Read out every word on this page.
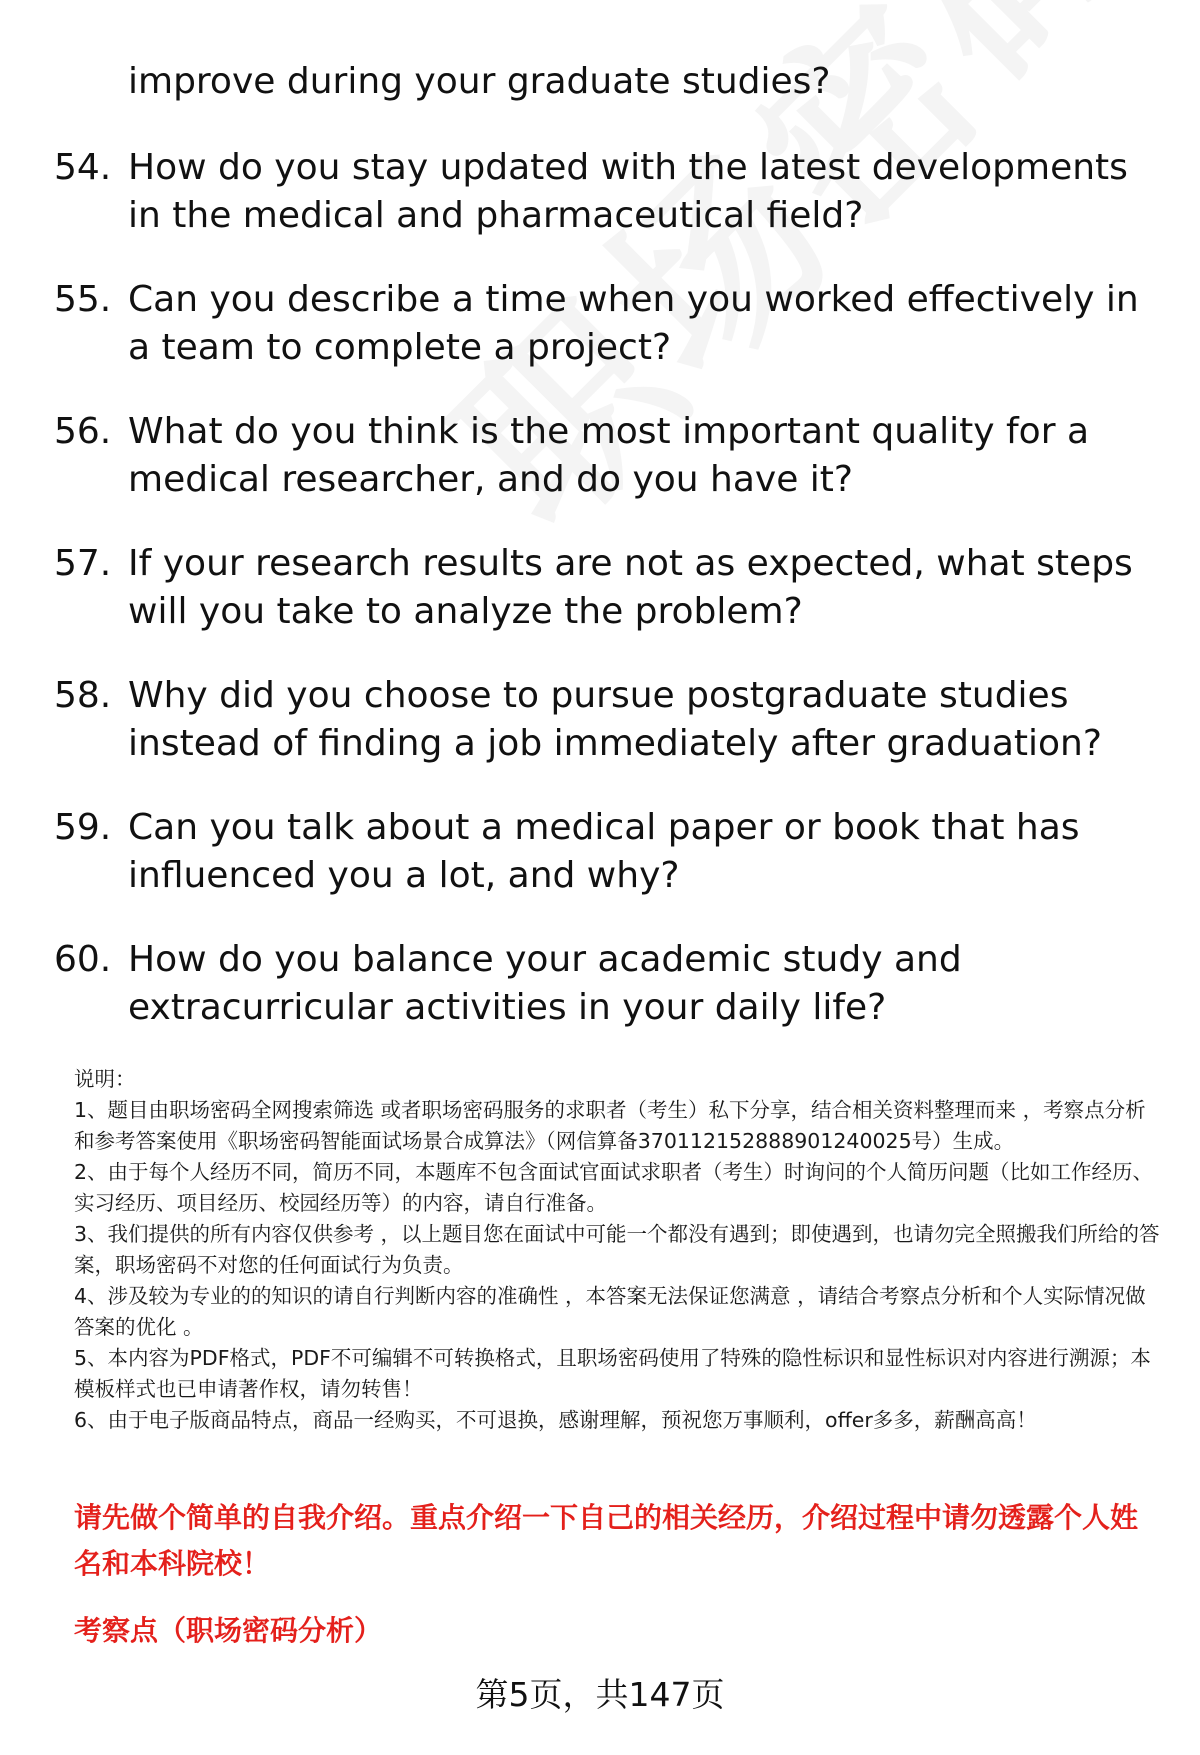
improve during your graduate studies?
54. How do you stay updated with the latest developments in the medical and pharmaceutical field?
55. Can you describe a time when you worked effectively in a team to complete a project?
56. What do you think is the most important quality for a medical researcher, and do you have it?
57. If your research results are not as expected, what steps will you take to analyze the problem?
58. Why did you choose to pursue postgraduate studies instead of finding a job immediately after graduation?
59. Can you talk about a medical paper or book that has influenced you a lot, and why?
60. How do you balance your academic study and extracurricular activities in your daily life?

说明：

1、题目由职场密码全网搜索筛选 或者职场密码服务的求职者（考生）私下分享，结合相关资料整理而来 ，考察点分析和参考答案使用《职场密码智能面试场景合成算法》（网信算备370112152888901240025号）生成。

2、由于每个人经历不同，简历不同，本题库不包含面试官面试求职者（考生）时询问的个人简历问题（比如工作经历、实习经历、项目经历、校园经历等）的内容，请自行准备。

3、我们提供的所有内容仅供参考 ，以上题目您在面试中可能一个都没有遇到；即使遇到，也请勿完全照搬我们所给的答案，职场密码不对您的任何面试行为负责。

4、涉及较为专业的的知识的请自行判断内容的准确性 ，本答案无法保证您满意 ，请结合考察点分析和个人实际情况做答案的优化 。

5、本内容为PDF格式，PDF不可编辑不可转换格式，且职场密码使用了特殊的隐性标识和显性标识对内容进行溯源；本模板样式也已申请著作权，请勿转售！

6、由于电子版商品特点，商品一经购买，不可退换，感谢理解，预祝您万事顺利，offer多多，薪酬高高！

请先做个简单的自我介绍。重点介绍一下自己的相关经历，介绍过程中请勿透露个人姓名和本科院校！
考察点（职场密码分析）
第5页，共147页
